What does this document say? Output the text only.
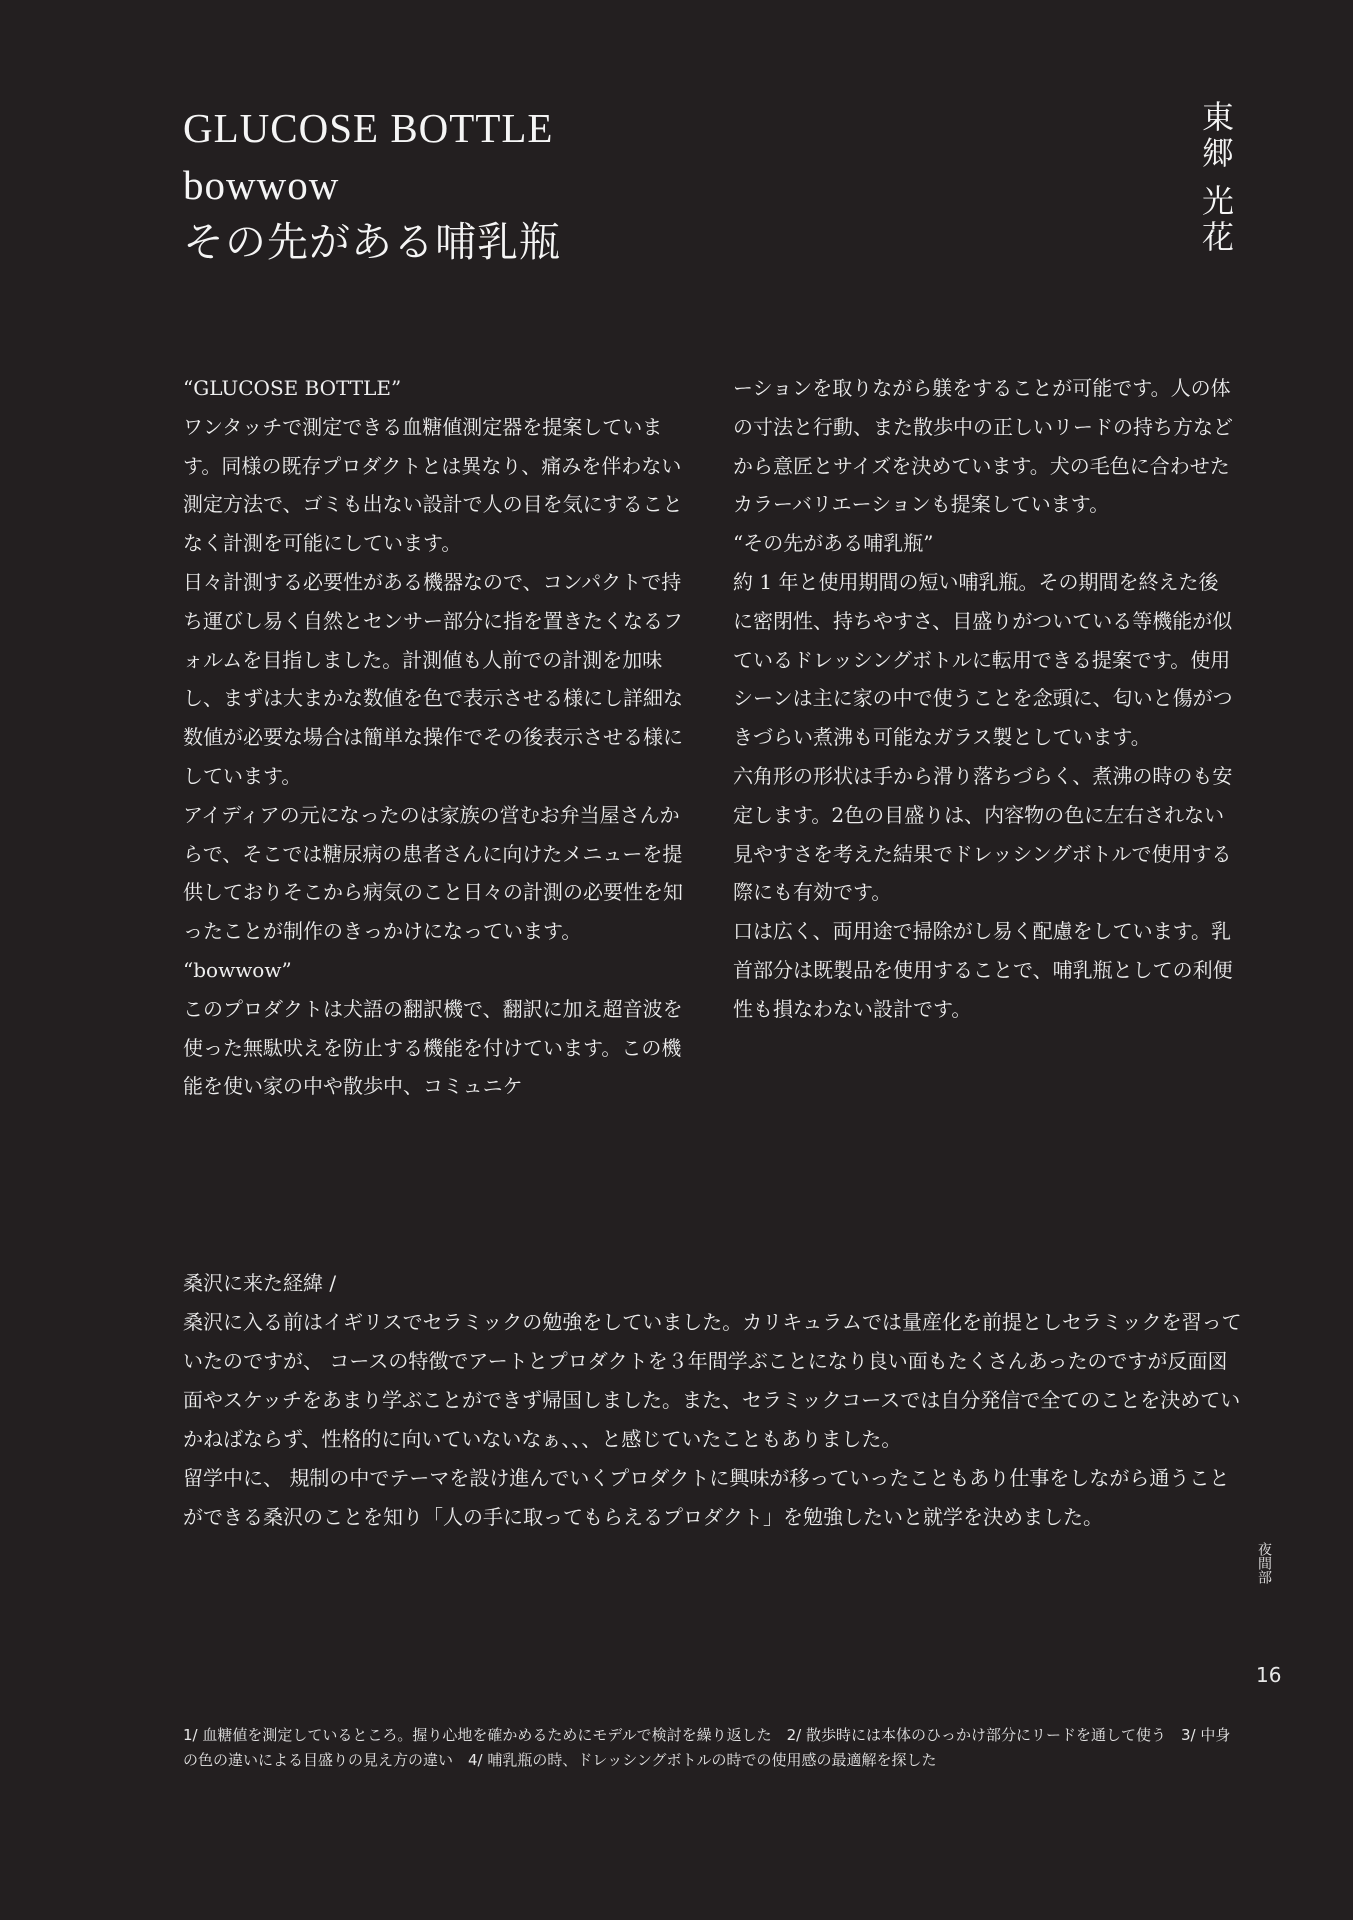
GLUCOSE BOTTLE
bowwow
その先がある哺乳瓶
東郷光花

“GLUCOSE BOTTLE”

ワンタッチで測定できる血糖値測定器を提案しています。同様の既存プロダクトとは異なり、痛みを伴わない測定方法で、ゴミも出ない設計で人の目を気にすることなく計測を可能にしています。

日々計測する必要性がある機器なので、コンパクトで持ち運びし易く自然とセンサー部分に指を置きたくなるフォルムを目指しました。計測値も人前での計測を加味し、まずは大まかな数値を色で表示させる様にし詳細な数値が必要な場合は簡単な操作でその後表示させる様にしています。

アイディアの元になったのは家族の営むお弁当屋さんからで、そこでは糖尿病の患者さんに向けたメニューを提供しておりそこから病気のこと日々の計測の必要性を知ったことが制作のきっかけになっています。

“bowwow”

このプロダクトは犬語の翻訳機で、翻訳に加え超音波を使った無駄吠えを防止する機能を付けています。この機能を使い家の中や散歩中、コミュニケ

ーションを取りながら躾をすることが可能です。人の体の寸法と行動、また散歩中の正しいリードの持ち方などから意匠とサイズを決めています。犬の毛色に合わせたカラーバリエーションも提案しています。

“その先がある哺乳瓶”

約 1 年と使用期間の短い哺乳瓶。その期間を終えた後に密閉性、持ちやすさ、目盛りがついている等機能が似ているドレッシングボトルに転用できる提案です。使用シーンは主に家の中で使うことを念頭に、匂いと傷がつきづらい煮沸も可能なガラス製としています。

六角形の形状は手から滑り落ちづらく、煮沸の時のも安定します。2色の目盛りは、内容物の色に左右されない見やすさを考えた結果でドレッシングボトルで使用する際にも有効です。

口は広く、両用途で掃除がし易く配慮をしています。乳首部分は既製品を使用することで、哺乳瓶としての利便性も損なわない設計です。

桑沢に来た経緯 /

桑沢に入る前はイギリスでセラミックの勉強をしていました。カリキュラムでは量産化を前提としセラミックを習っていたのですが、 コースの特徴でアートとプロダクトを３年間学ぶことになり良い面もたくさんあったのですが反面図面やスケッチをあまり学ぶことができず帰国しました。また、セラミックコースでは自分発信で全てのことを決めていかねばならず、性格的に向いていないなぁ、、、と感じていたこともありました。

留学中に、 規制の中でテーマを設け進んでいくプロダクトに興味が移っていったこともあり仕事をしながら通うことができる桑沢のことを知り「人の手に取ってもらえるプロダクト」を勉強したいと就学を決めました。

夜間部
16
1/ 血糖値を測定しているところ。握り心地を確かめるためにモデルで検討を繰り返した　2/ 散歩時には本体のひっかけ部分にリードを通して使う　3/ 中身の色の違いによる目盛りの見え方の違い　4/ 哺乳瓶の時、ドレッシングボトルの時での使用感の最適解を探した
